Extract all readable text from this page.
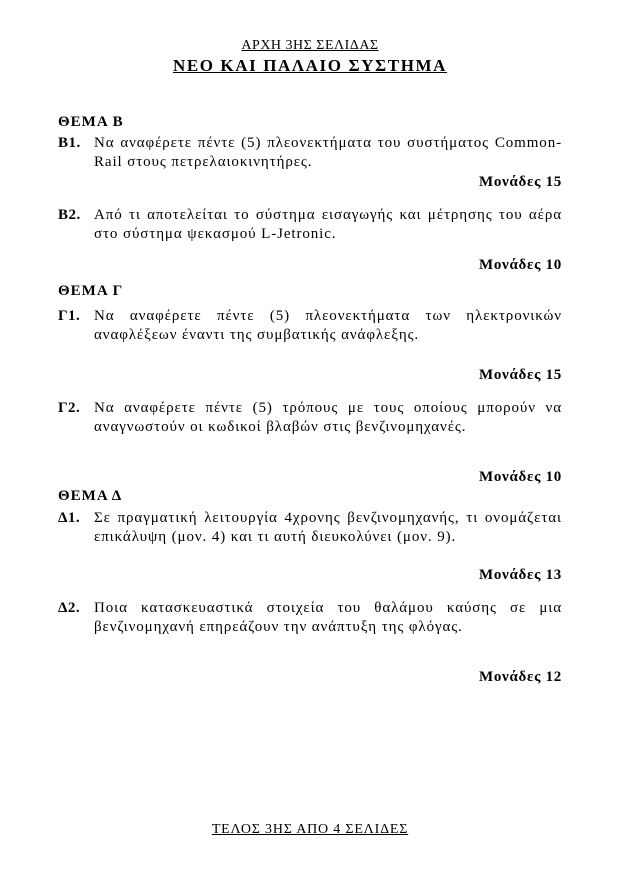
ΑΡΧΗ 3ΗΣ ΣΕΛΙΔΑΣ
ΝΕΟ ΚΑΙ ΠΑΛΑΙΟ ΣΥΣΤΗΜΑ
ΘΕΜΑ Β
Β1. Να αναφέρετε πέντε (5) πλεονεκτήματα του συστήματος Common-Rail στους πετρελαιοκινητήρες.
Μονάδες 15
Β2. Από τι αποτελείται το σύστημα εισαγωγής και μέτρησης του αέρα στο σύστημα ψεκασμού L-Jetronic.
Μονάδες 10
ΘΕΜΑ Γ
Γ1. Να αναφέρετε πέντε (5) πλεονεκτήματα των ηλεκτρονικών αναφλέξεων έναντι της συμβατικής ανάφλεξης.
Μονάδες 15
Γ2. Να αναφέρετε πέντε (5) τρόπους με τους οποίους μπορούν να αναγνωστούν οι κωδικοί βλαβών στις βενζινομηχανές.
Μονάδες 10
ΘΕΜΑ Δ
Δ1. Σε πραγματική λειτουργία 4χρονης βενζινομηχανής, τι ονομάζεται επικάλυψη (μον. 4) και τι αυτή διευκολύνει (μον. 9).
Μονάδες 13
Δ2. Ποια κατασκευαστικά στοιχεία του θαλάμου καύσης σε μια βενζινομηχανή επηρεάζουν την ανάπτυξη της φλόγας.
Μονάδες 12
ΤΕΛΟΣ 3ΗΣ ΑΠΟ 4 ΣΕΛΙΔΕΣ
